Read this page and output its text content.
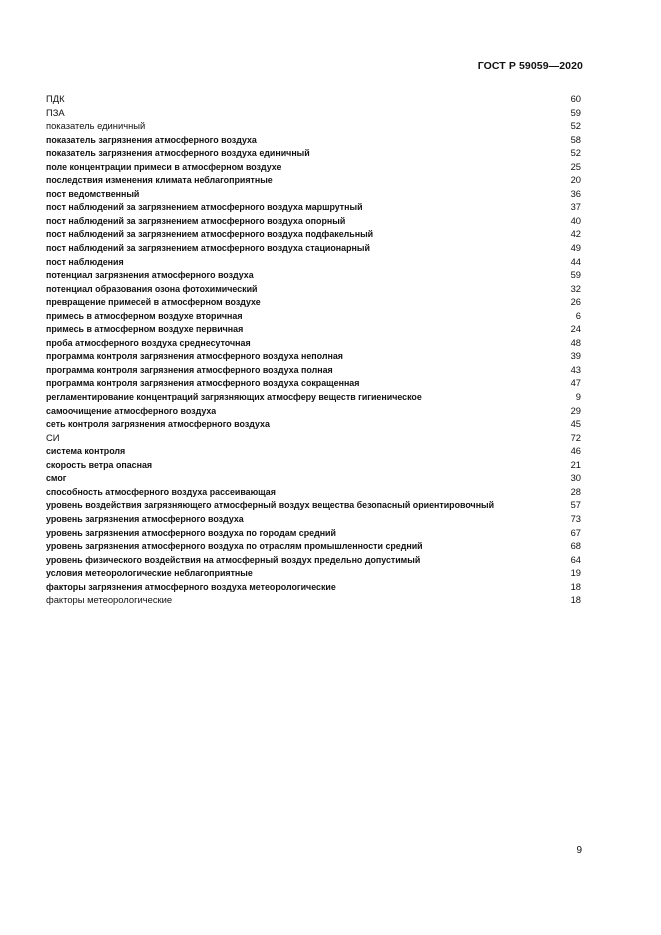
ГОСТ Р 59059—2020
ПДК	60
ПЗА	59
показатель единичный	52
показатель загрязнения атмосферного воздуха	58
показатель загрязнения атмосферного воздуха единичный	52
поле концентрации примеси в атмосферном воздухе	25
последствия изменения климата неблагоприятные	20
пост ведомственный	36
пост наблюдений за загрязнением атмосферного воздуха маршрутный	37
пост наблюдений за загрязнением атмосферного воздуха опорный	40
пост наблюдений за загрязнением атмосферного воздуха подфакельный	42
пост наблюдений за загрязнением атмосферного воздуха стационарный	49
пост наблюдения	44
потенциал загрязнения атмосферного воздуха	59
потенциал образования озона фотохимический	32
превращение примесей в атмосферном воздухе	26
примесь в атмосферном воздухе вторичная	6
примесь в атмосферном воздухе первичная	24
проба атмосферного воздуха среднесуточная	48
программа контроля загрязнения атмосферного воздуха неполная	39
программа контроля загрязнения атмосферного воздуха полная	43
программа контроля загрязнения атмосферного воздуха сокращенная	47
регламентирование концентраций загрязняющих атмосферу веществ гигиеническое	9
самоочищение атмосферного воздуха	29
сеть контроля загрязнения атмосферного воздуха	45
СИ	72
система контроля	46
скорость ветра опасная	21
смог	30
способность атмосферного воздуха рассеивающая	28
уровень воздействия загрязняющего атмосферный воздух вещества безопасный ориентировочный	57
уровень загрязнения атмосферного воздуха	73
уровень загрязнения атмосферного воздуха по городам средний	67
уровень загрязнения атмосферного воздуха по отраслям промышленности средний	68
уровень физического воздействия на атмосферный воздух предельно допустимый	64
условия метеорологические неблагоприятные	19
факторы загрязнения атмосферного воздуха метеорологические	18
факторы метеорологические	18
9
